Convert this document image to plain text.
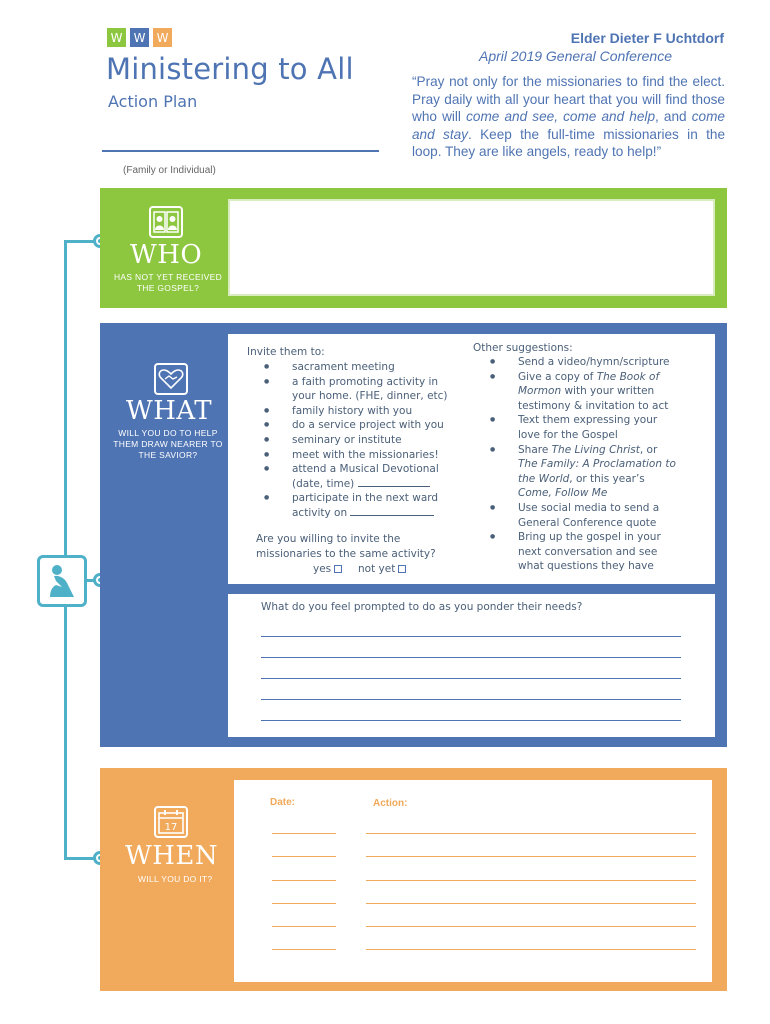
W W W
Ministering to All
Action Plan
(Family or Individual)
Elder Dieter F Uchtdorf
April 2019 General Conference
“Pray not only for the missionaries to find the elect. Pray daily with all your heart that you will find those who will come and see, come and help, and come and stay. Keep the full-time missionaries in the loop. They are like angels, ready to help!”
WHO
HAS NOT YET RECEIVED THE GOSPEL?
WHAT
WILL YOU DO TO HELP THEM DRAW NEARER TO THE SAVIOR?
Invite them to:
● sacrament meeting
● a faith promoting activity in your home. (FHE, dinner, etc)
● family history with you
● do a service project with you
● seminary or institute
● meet with the missionaries!
● attend a Musical Devotional (date, time)
● participate in the next ward activity on
Are you willing to invite the missionaries to the same activity?
yes	not yet
Other suggestions:
● Send a video/hymn/scripture
● Give a copy of The Book of Mormon with your written testimony & invitation to act
● Text them expressing your love for the Gospel
● Share The Living Christ, or The Family: A Proclamation to the World, or this year’s Come, Follow Me
● Use social media to send a General Conference quote
● Bring up the gospel in your next conversation and see what questions they have
What do you feel prompted to do as you ponder their needs?
17
WHEN
WILL YOU DO IT?
Date:	Action:
